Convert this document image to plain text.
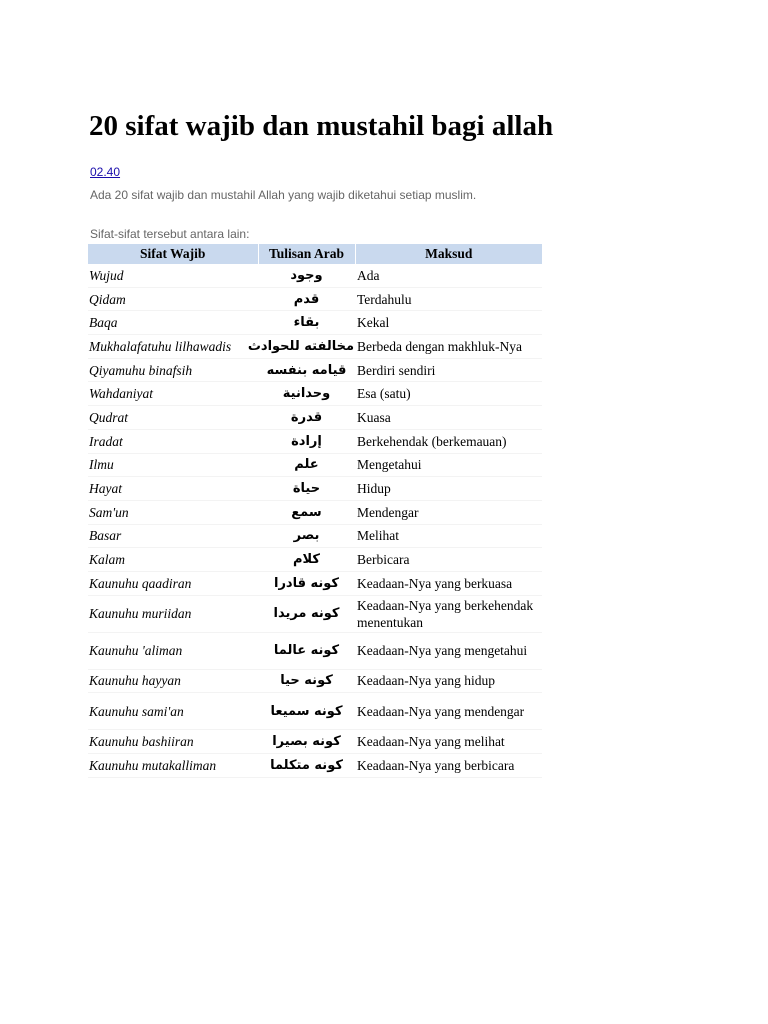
20 sifat wajib dan mustahil bagi allah
02.40
Ada 20 sifat wajib dan mustahil Allah yang wajib diketahui setiap muslim.
Sifat-sifat tersebut antara lain:
Sifat Wajib	Tulisan Arab	Maksud
Wujud	وجود	Ada
Qidam	قدم	Terdahulu
Baqa	بقاء	Kekal
Mukhalafatuhu lilhawadis	مخالفته للحوادث	Berbeda dengan makhluk-Nya
Qiyamuhu binafsih	قيامه بنفسه	Berdiri sendiri
Wahdaniyat	وحدانية	Esa (satu)
Qudrat	قدرة	Kuasa
Iradat	إرادة	Berkehendak (berkemauan)
Ilmu	علم	Mengetahui
Hayat	حياة	Hidup
Sam'un	سمع	Mendengar
Basar	بصر	Melihat
Kalam	كلام	Berbicara
Kaunuhu qaadiran	كونه قادرا	Keadaan-Nya yang berkuasa
Kaunuhu muriidan	كونه مريدا	Keadaan-Nya yang berkehendak menentukan
Kaunuhu 'aliman	كونه عالما	Keadaan-Nya yang mengetahui
Kaunuhu hayyan	كونه حيا	Keadaan-Nya yang hidup
Kaunuhu sami'an	كونه سميعا	Keadaan-Nya yang mendengar
Kaunuhu bashiiran	كونه بصيرا	Keadaan-Nya yang melihat
Kaunuhu mutakalliman	كونه متكلما	Keadaan-Nya yang berbicara
